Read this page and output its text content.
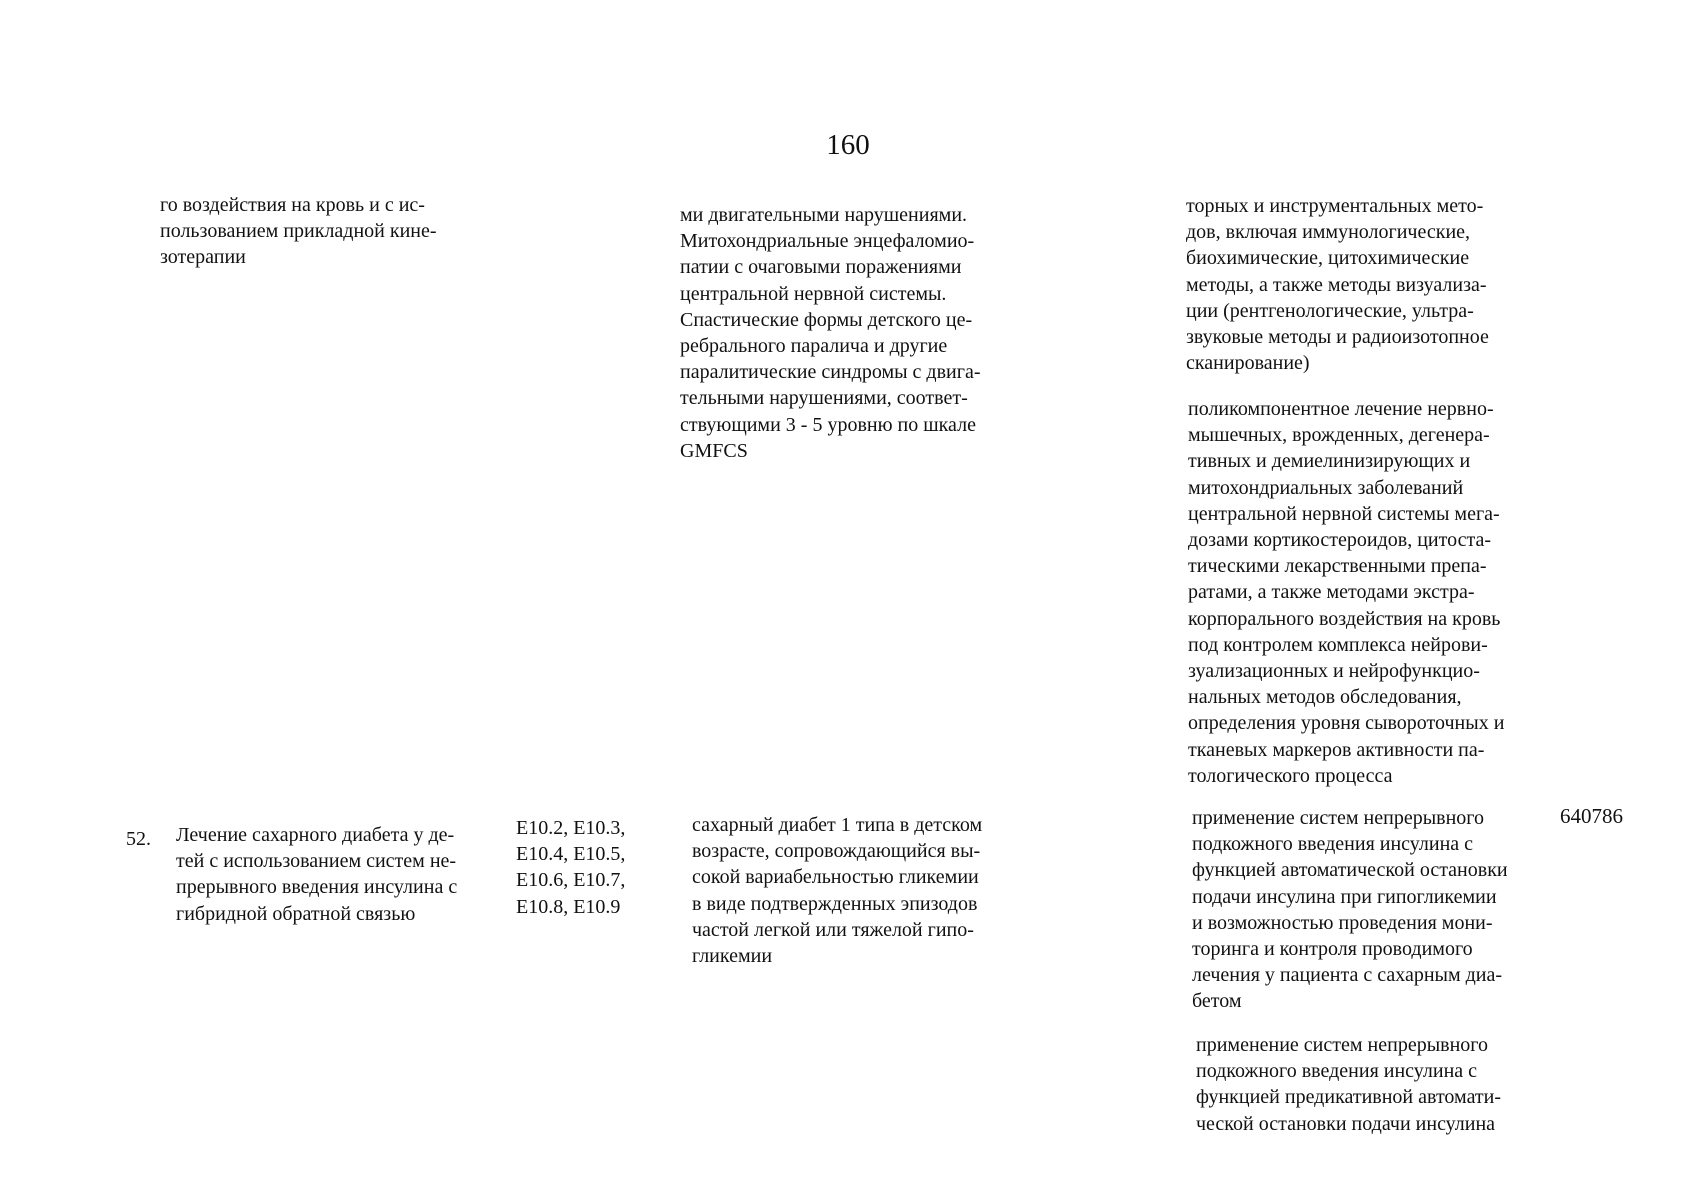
160
го воздействия на кровь и с ис-
пользованием прикладной кине-
зотерапии
ми двигательными нарушениями.
Митохондриальные энцефаломио-
патии с очаговыми поражениями
центральной нервной системы.
Спастические формы детского це-
ребрального паралича и другие
паралитические синдромы с двига-
тельными нарушениями, соответ-
ствующими 3 - 5 уровню по шкале
GMFCS
торных и инструментальных мето-
дов, включая иммунологические,
биохимические, цитохимические
методы, а также методы визуализа-
ции (рентгенологические, ультра-
звуковые методы и радиоизотопное
сканирование)
поликомпонентное лечение нервно-
мышечных, врожденных, дегенера-
тивных и демиелинизирующих и
митохондриальных заболеваний
центральной нервной системы мега-
дозами кортикостероидов, цитоста-
тическими лекарственными препа-
ратами, а также методами экстра-
корпорального воздействия на кровь
под контролем комплекса нейрови-
зуализационных и нейрофункцио-
нальных методов обследования,
определения уровня сывороточных и
тканевых маркеров активности па-
тологического процесса
52. Лечение сахарного диабета у де-
тей с использованием систем не-
прерывного введения инсулина с
гибридной обратной связью
E10.2, E10.3,
E10.4, E10.5,
E10.6, E10.7,
E10.8, E10.9
сахарный диабет 1 типа в детском
возрасте, сопровождающийся вы-
сокой вариабельностью гликемии
в виде подтвержденных эпизодов
частой легкой или тяжелой гипо-
гликемии
применение систем непрерывного
подкожного введения инсулина с
функцией автоматической остановки
подачи инсулина при гипогликемии
и возможностью проведения мони-
торинга и контроля проводимого
лечения у пациента с сахарным диа-
бетом
применение систем непрерывного
подкожного введения инсулина с
функцией предикативной автомати-
ческой остановки подачи инсулина
640786
